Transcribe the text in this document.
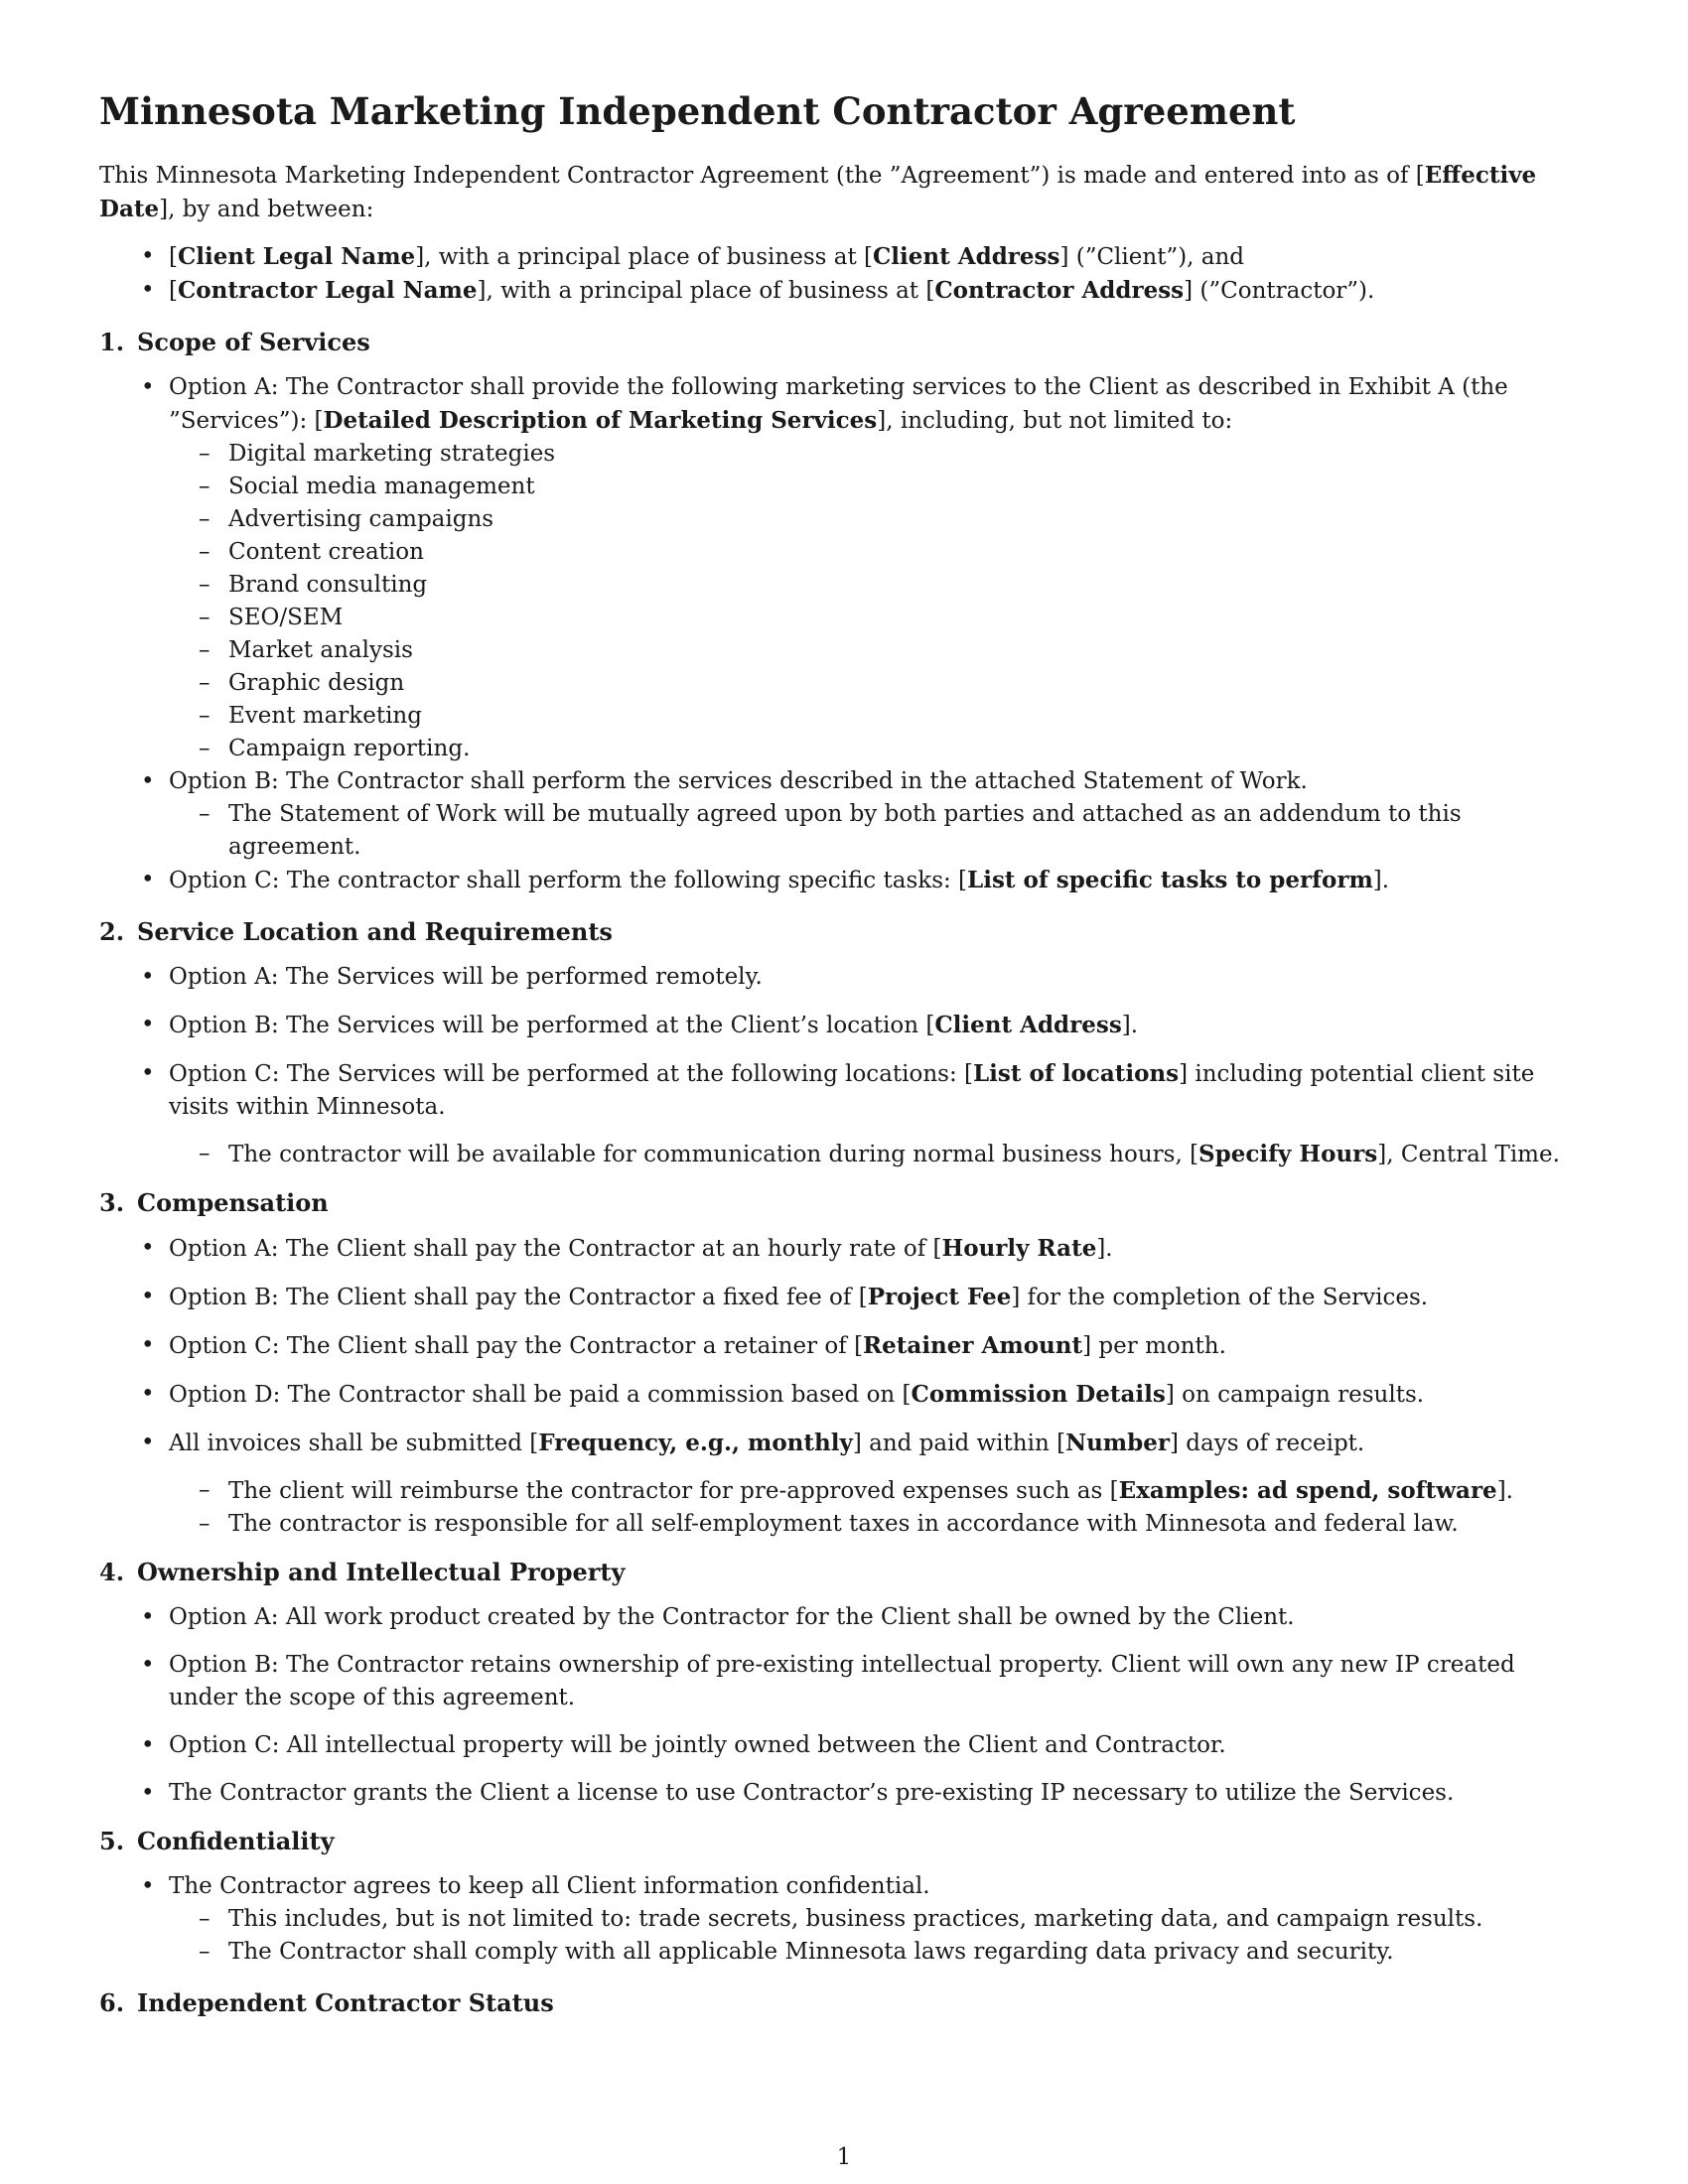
Minnesota Marketing Independent Contractor Agreement

This Minnesota Marketing Independent Contractor Agreement (the ”Agreement”) is made and entered into as of [Effective Date], by and between:

• [Client Legal Name], with a principal place of business at [Client Address] (”Client”), and
• [Contractor Legal Name], with a principal place of business at [Contractor Address] (”Contractor”).
1. Scope of Services
• Option A: The Contractor shall provide the following marketing services to the Client as described in Exhibit A (the ”Services”): [Detailed Description of Marketing Services], including, but not limited to:
– Digital marketing strategies
– Social media management
– Advertising campaigns
– Content creation
– Brand consulting
– SEO/SEM
– Market analysis
– Graphic design
– Event marketing
– Campaign reporting.
• Option B: The Contractor shall perform the services described in the attached Statement of Work.
– The Statement of Work will be mutually agreed upon by both parties and attached as an addendum to this agreement.
• Option C: The contractor shall perform the following specific tasks: [List of specific tasks to perform].
2. Service Location and Requirements
• Option A: The Services will be performed remotely.
• Option B: The Services will be performed at the Client’s location [Client Address].
• Option C: The Services will be performed at the following locations: [List of locations] including potential client site visits within Minnesota.
– The contractor will be available for communication during normal business hours, [Specify Hours], Central Time.
3. Compensation
• Option A: The Client shall pay the Contractor at an hourly rate of [Hourly Rate].
• Option B: The Client shall pay the Contractor a fixed fee of [Project Fee] for the completion of the Services.
• Option C: The Client shall pay the Contractor a retainer of [Retainer Amount] per month.
• Option D: The Contractor shall be paid a commission based on [Commission Details] on campaign results.
• All invoices shall be submitted [Frequency, e.g., monthly] and paid within [Number] days of receipt.
– The client will reimburse the contractor for pre-approved expenses such as [Examples: ad spend, software].
– The contractor is responsible for all self-employment taxes in accordance with Minnesota and federal law.
4. Ownership and Intellectual Property
• Option A: All work product created by the Contractor for the Client shall be owned by the Client.
• Option B: The Contractor retains ownership of pre-existing intellectual property. Client will own any new IP created under the scope of this agreement.
• Option C: All intellectual property will be jointly owned between the Client and Contractor.
• The Contractor grants the Client a license to use Contractor’s pre-existing IP necessary to utilize the Services.
5. Confidentiality
• The Contractor agrees to keep all Client information confidential.
– This includes, but is not limited to: trade secrets, business practices, marketing data, and campaign results.
– The Contractor shall comply with all applicable Minnesota laws regarding data privacy and security.
6. Independent Contractor Status
1
